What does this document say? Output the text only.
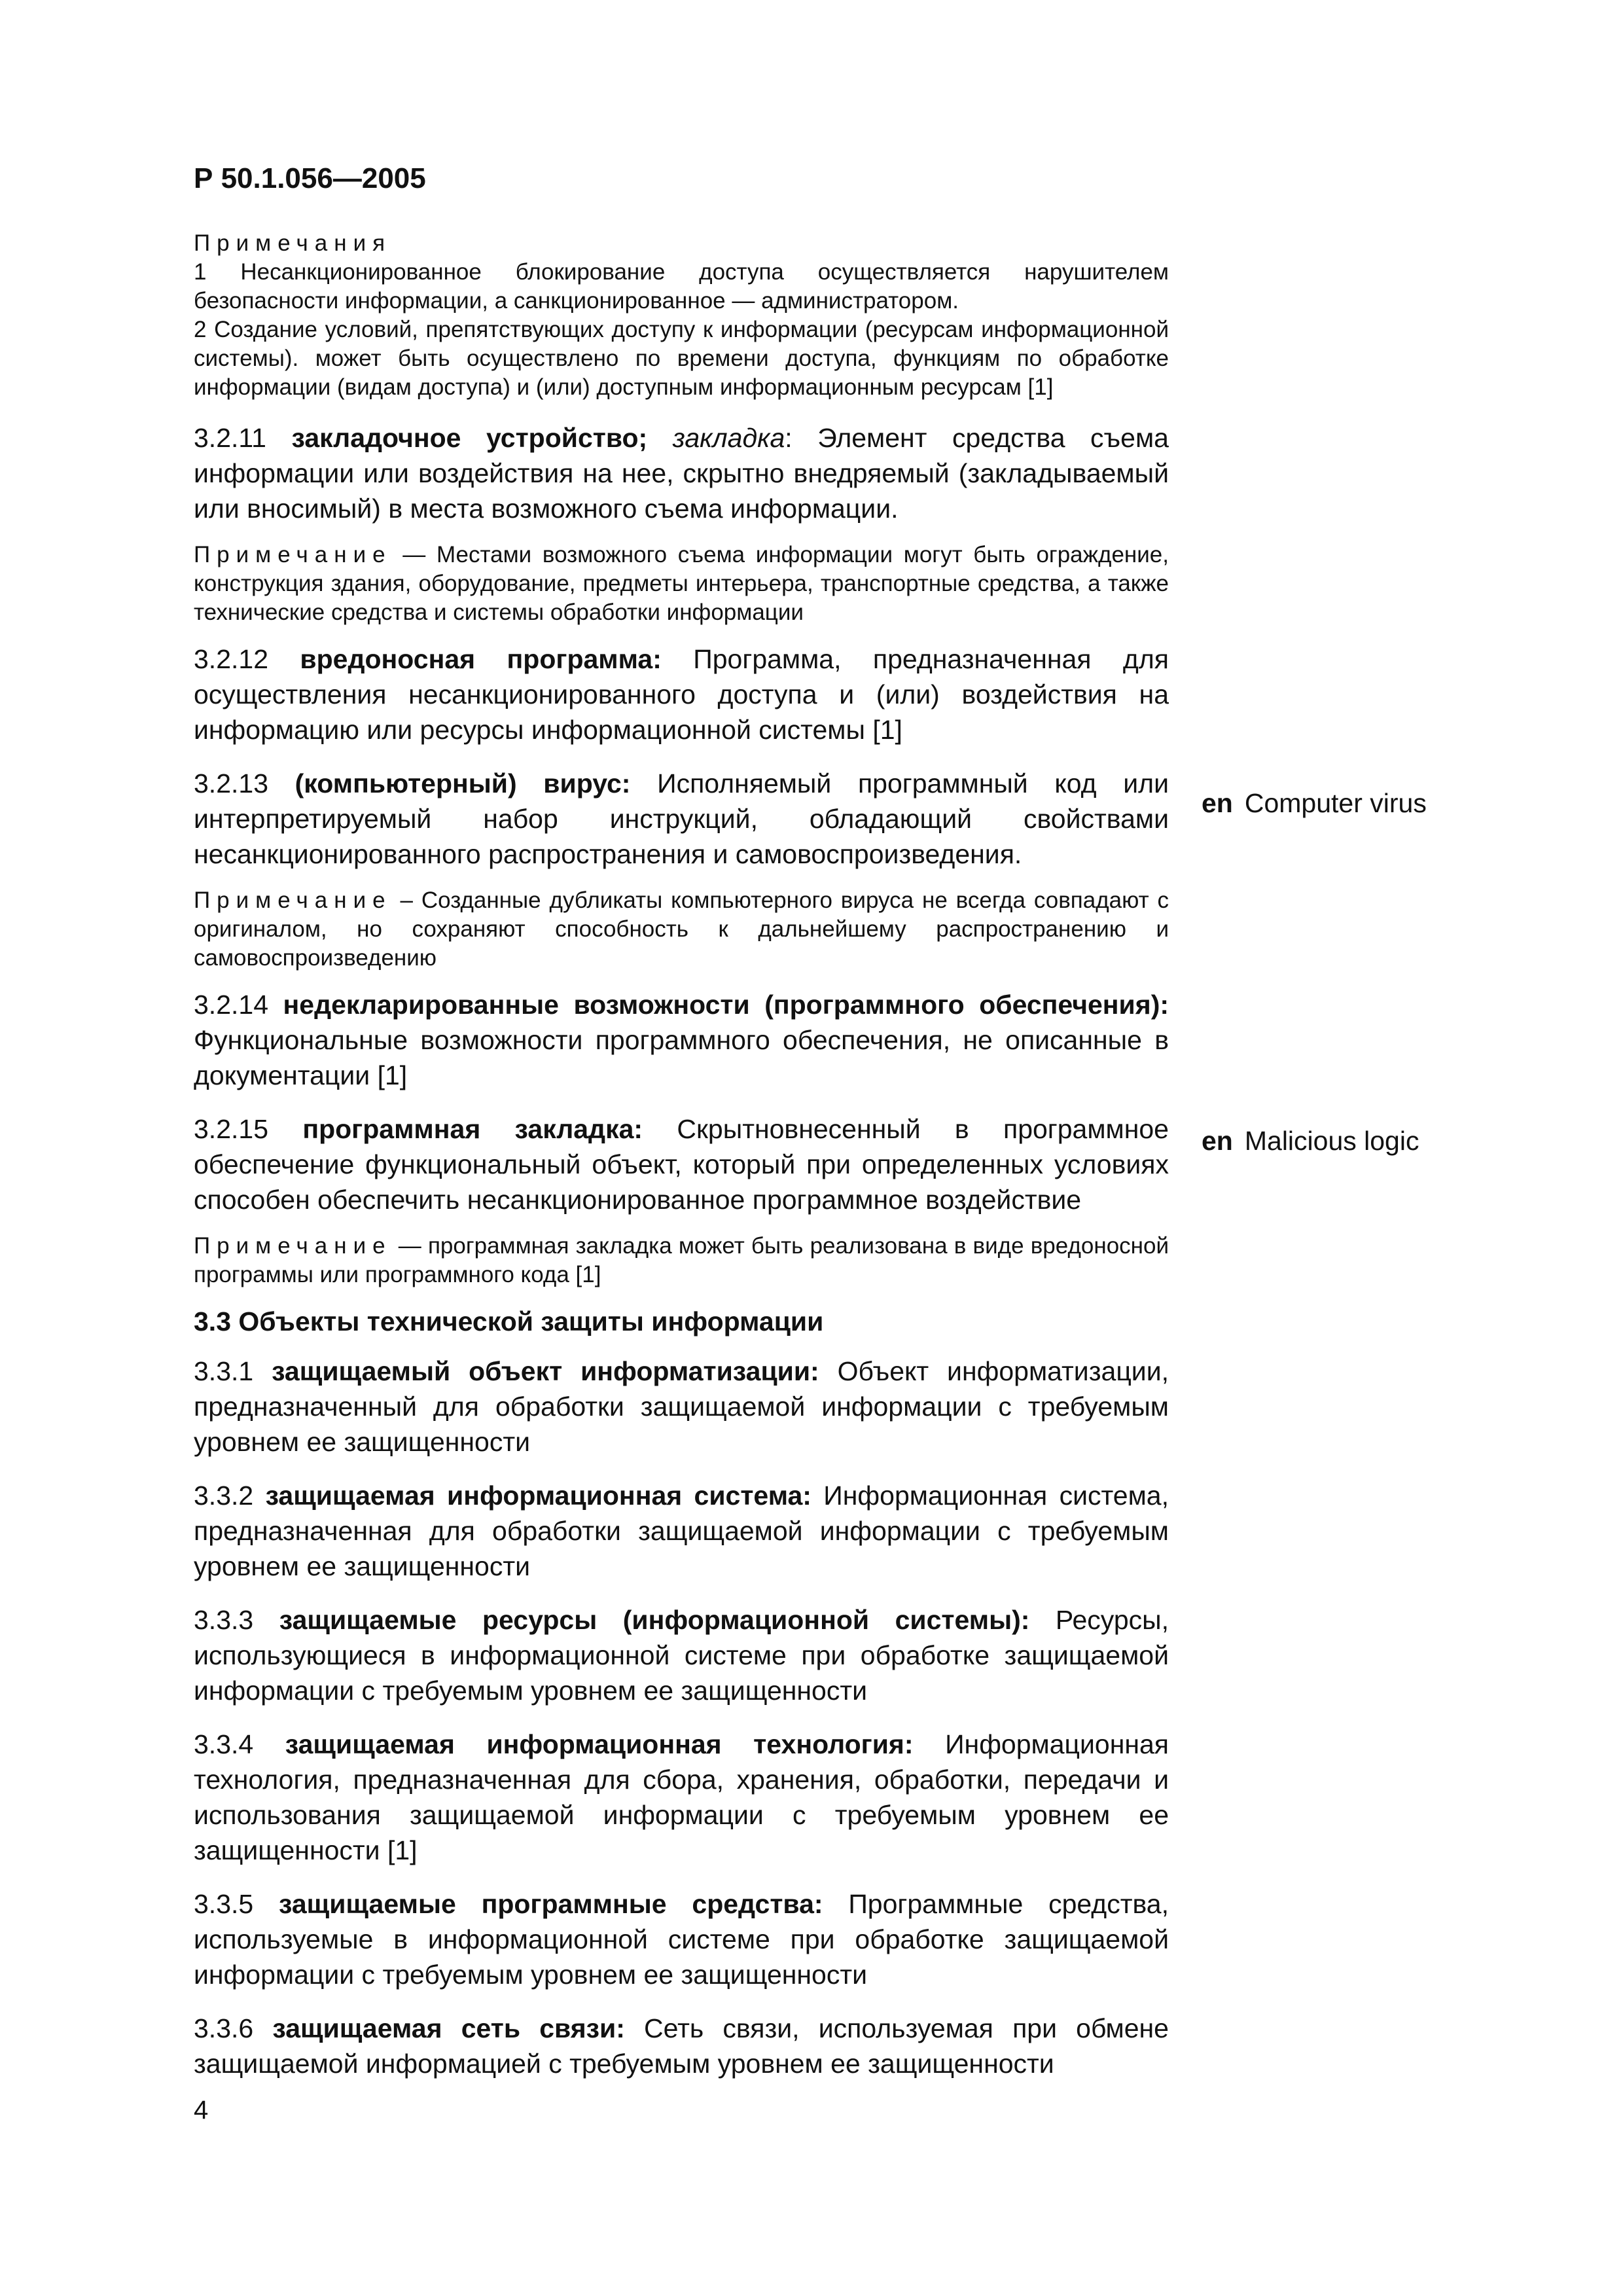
Р 50.1.056—2005
Примечания
1 Несанкционированное блокирование доступа осуществляется нарушителем безопасности информации, а санкционированное — администратором.
2 Создание условий, препятствующих доступу к информации (ресурсам информационной системы). может быть осуществлено по времени доступа, функциям по обработке информации (видам доступа) и (или) доступным информационным ресурсам [1]
3.2.11 закладочное устройство; закладка: Элемент средства съема информации или воздействия на нее, скрытно внедряемый (закладываемый или вносимый) в места возможного съема информации.
Примечание — Местами возможного съема информации могут быть ограждение, конструкция здания, оборудование, предметы интерьера, транспортные средства, а также технические средства и системы обработки информации
3.2.12 вредоносная программа: Программа, предназначенная для осуществления несанкционированного доступа и (или) воздействия на информацию или ресурсы информационной системы [1]
3.2.13 (компьютерный) вирус: Исполняемый программный код или интерпретируемый набор инструкций, обладающий свойствами несанкционированного распространения и самовоспроизведения.
Примечание – Созданные дубликаты компьютерного вируса не всегда совпадают с оригиналом, но сохраняют способность к дальнейшему распространению и самовоспроизведению
3.2.14 недекларированные возможности (программного обеспечения): Функциональные возможности программного обеспечения, не описанные в документации [1]
3.2.15 программная закладка: Скрытновнесенный в программное обеспечение функциональный объект, который при определенных условиях способен обеспечить несанкционированное программное воздействие
Примечание — программная закладка может быть реализована в виде вредоносной программы или программного кода [1]
3.3 Объекты технической защиты информации
3.3.1 защищаемый объект информатизации: Объект информатизации, предназначенный для обработки защищаемой информации с требуемым уровнем ее защищенности
3.3.2 защищаемая информационная система: Информационная система, предназначенная для обработки защищаемой информации с требуемым уровнем ее защищенности
3.3.3 защищаемые ресурсы (информационной системы): Ресурсы, использующиеся в информационной системе при обработке защищаемой информации с требуемым уровнем ее защищенности
3.3.4 защищаемая информационная технология: Информационная технология, предназначенная для сбора, хранения, обработки, передачи и использования защищаемой информации с требуемым уровнем ее защищенности [1]
3.3.5 защищаемые программные средства: Программные средства, используемые в информационной системе при обработке защищаемой информации с требуемым уровнем ее защищенности
3.3.6 защищаемая сеть связи: Сеть связи, используемая при обмене защищаемой информацией с требуемым уровнем ее защищенности
en Computer virus
en Malicious logic
4
